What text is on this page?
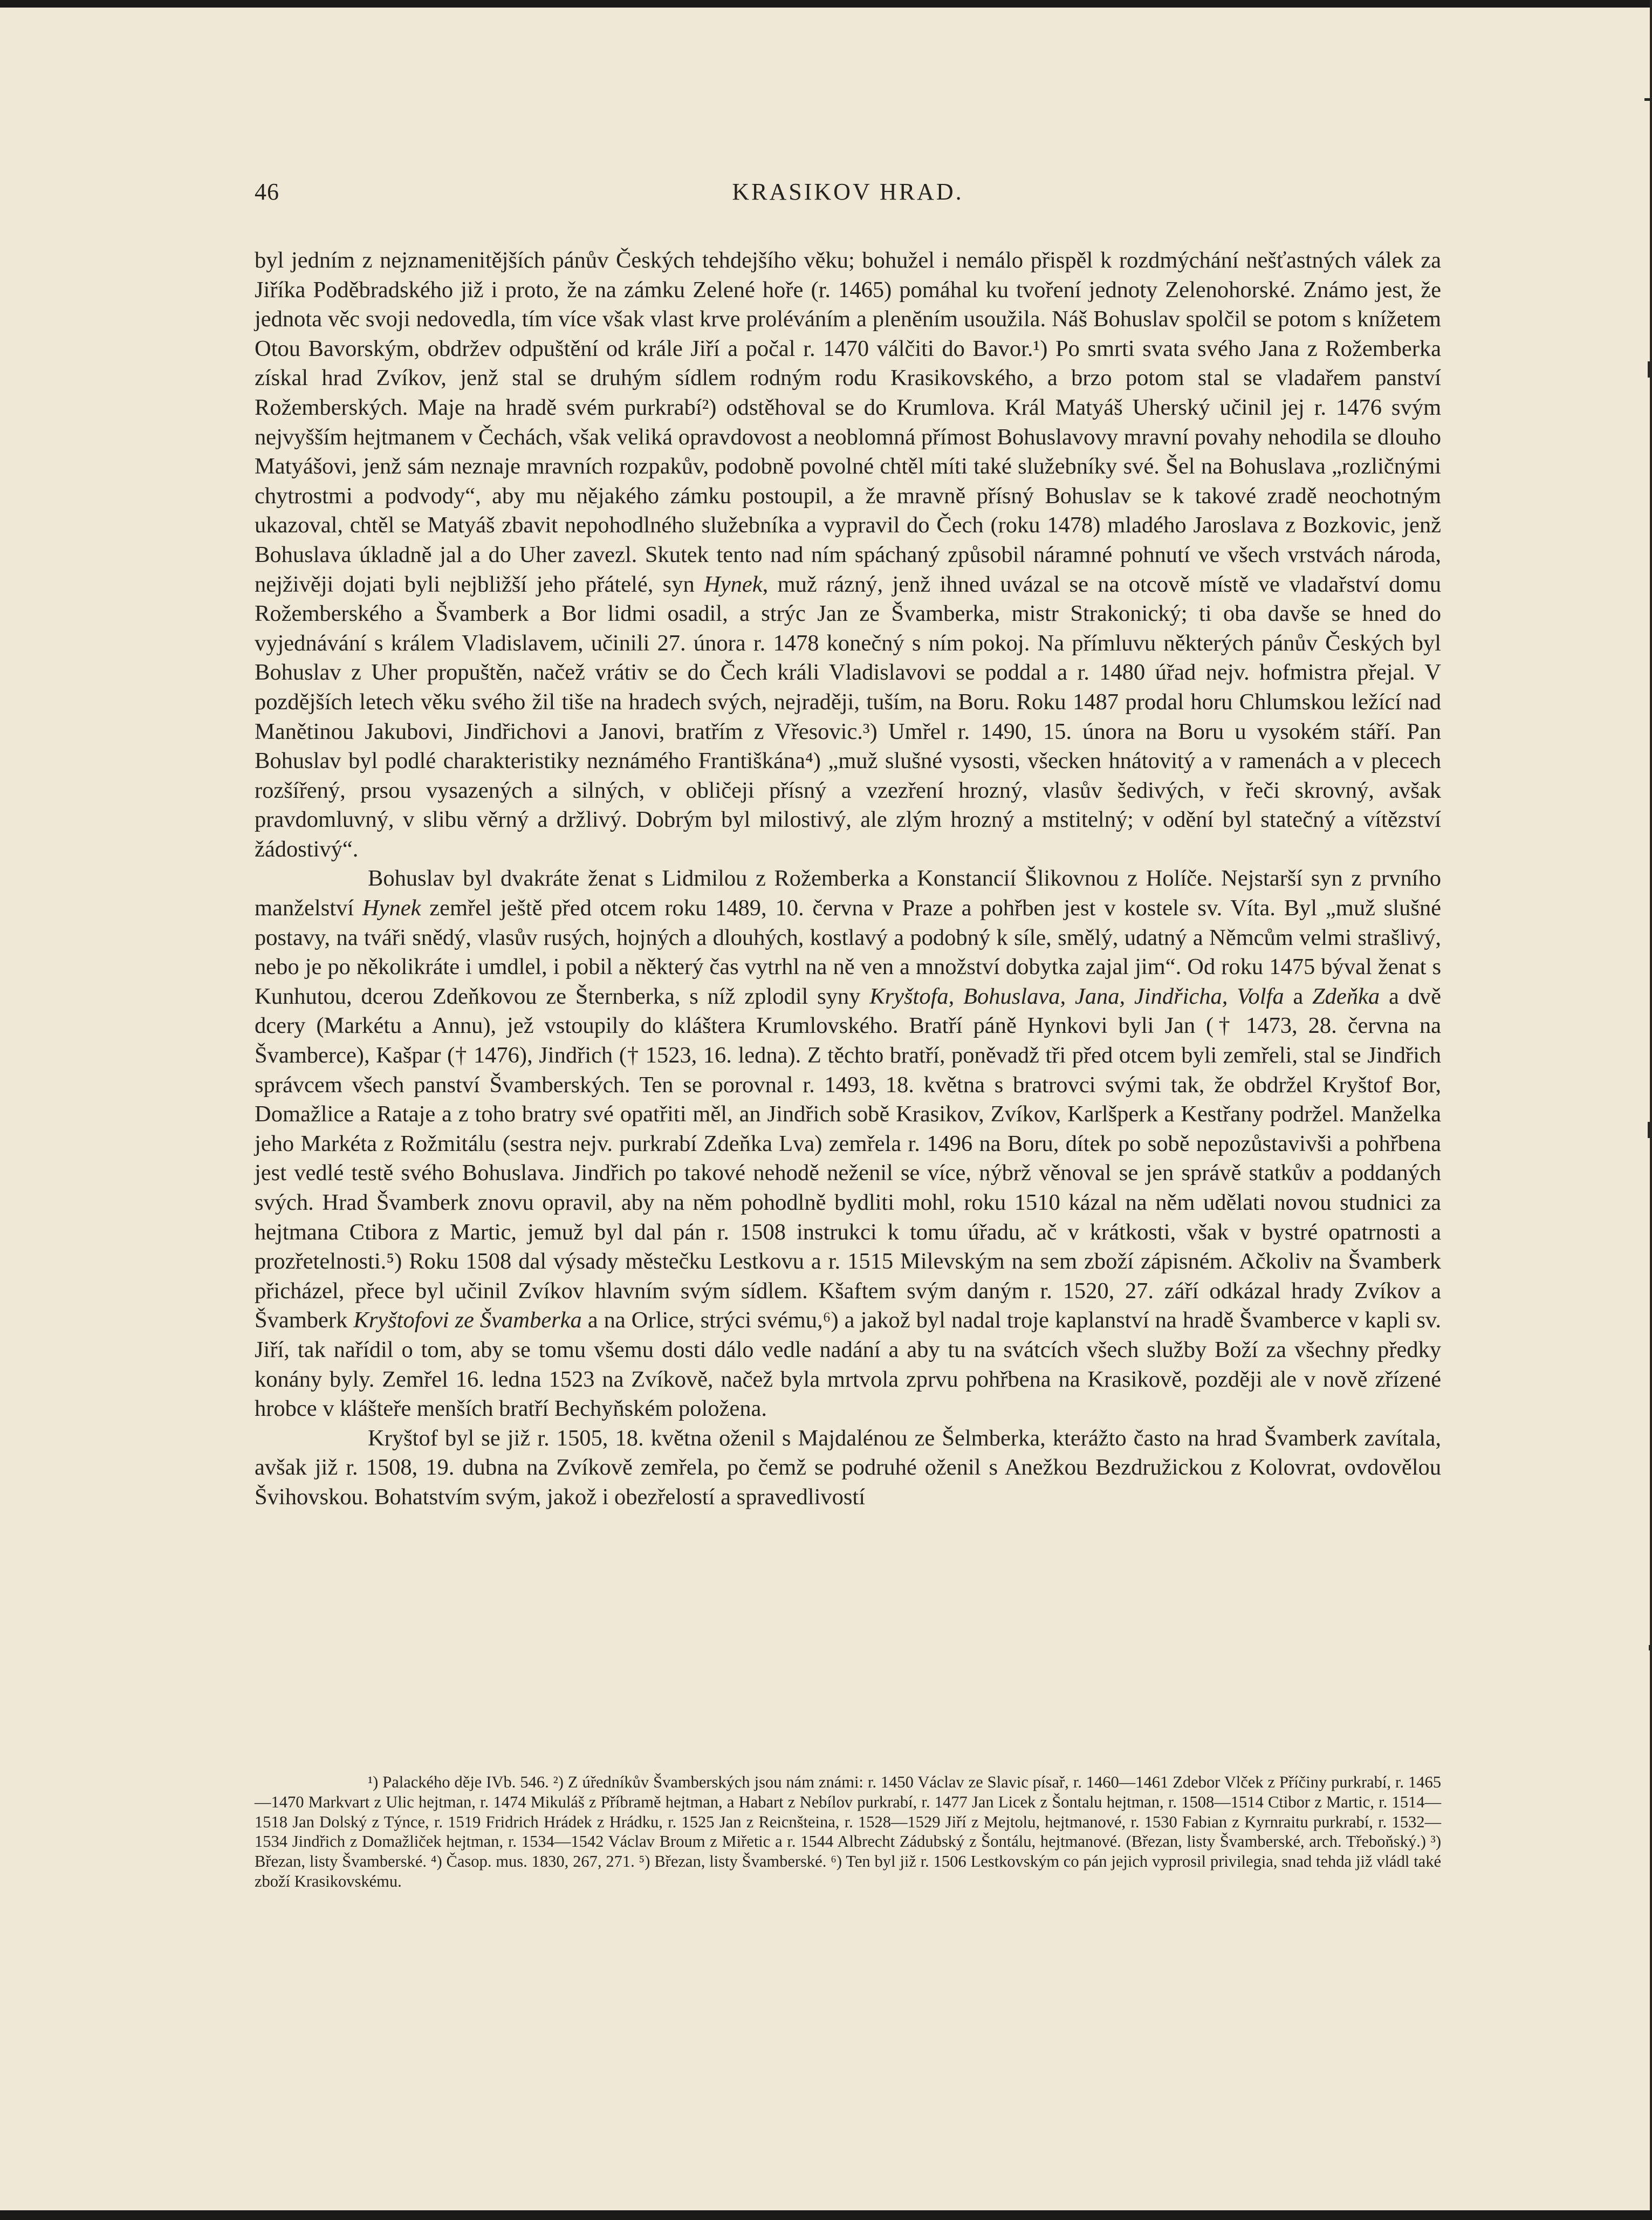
46	KRASIKOV HRAD.

byl jedním z nejznamenitějších pánův Českých tehdejšího věku; bohužel i nemálo přispěl k rozdmýchání nešťastných válek za Jiříka Poděbradského již i proto, že na zámku Zelené hoře (r. 1465) pomáhal ku tvoření jednoty Zelenohorské. Známo jest, že jednota věc svoji nedovedla, tím více však vlast krve proléváním a plenĕním usoužila. Náš Bohuslav spolčil se potom s knížetem Otou Bavorským, obdržev odpuštění od krále Jiří a počal r. 1470 válčiti do Bavor.¹) Po smrti svata svého Jana z Rožemberka získal hrad Zvíkov, jenž stal se druhým sídlem rodným rodu Krasikovského, a brzo potom stal se vladařem panství Rožemberských. Maje na hradě svém purkrabí²) odstěhoval se do Krumlova. Král Matyáš Uherský učinil jej r. 1476 svým nejvyšším hejtmanem v Čechách, však veliká opravdovost a neoblomná přímost Bohuslavovy mravní povahy nehodila se dlouho Matyášovi, jenž sám neznaje mravních rozpakův, podobně povolné chtěl míti také služebníky své. Šel na Bohuslava „rozličnými chytrostmi a podvody“, aby mu nějakého zámku postoupil, a že mravně přísný Bohuslav se k takové zradě neochotným ukazoval, chtěl se Matyáš zbavit nepohodlného služebníka a vypravil do Čech (roku 1478) mladého Jaroslava z Bozkovic, jenž Bohuslava úkladně jal a do Uher zavezl. Skutek tento nad ním spáchaný způsobil náramné pohnutí ve všech vrstvách národa, nejživěji dojati byli nejbližší jeho přátelé, syn Hynek, muž rázný, jenž ihned uvázal se na otcově místě ve vladařství domu Rožemberského a Švamberk a Bor lidmi osadil, a strýc Jan ze Švamberka, mistr Strakonický; ti oba davše se hned do vyjednávání s králem Vladislavem, učinili 27. února r. 1478 konečný s ním pokoj. Na přímluvu některých pánův Českých byl Bohuslav z Uher propuštěn, načež vrátiv se do Čech králi Vladislavovi se poddal a r. 1480 úřad nejv. hofmistra přejal. V pozdějších letech věku svého žil tiše na hradech svých, nejraději, tuším, na Boru. Roku 1487 prodal horu Chlumskou ležící nad Manětinou Jakubovi, Jindřichovi a Janovi, bratřím z Vřesovic.³) Umřel r. 1490, 15. února na Boru u vysokém stáří. Pan Bohuslav byl podlé charakteristiky neznámého Františkána⁴) „muž slušné vysosti, všecken hnátovitý a v ramenách a v plecech rozšířený, prsou vysazených a silných, v obličeji přísný a vzezření hrozný, vlasův šedivých, v řeči skrovný, avšak pravdomluvný, v slibu věrný a držlivý. Dobrým byl milostivý, ale zlým hrozný a mstitelný; v odění byl statečný a vítězství žádostivý“.

Bohuslav byl dvakráte ženat s Lidmilou z Rožemberka a Konstancií Šlikovnou z Holíče. Nejstarší syn z prvního manželství Hynek zemřel ještě před otcem roku 1489, 10. června v Praze a pohřben jest v kostele sv. Víta. Byl „muž slušné postavy, na tváři snědý, vlasův rusých, hojných a dlouhých, kostlavý a podobný k síle, smělý, udatný a Němcům velmi strašlivý, nebo je po několikráte i umdlel, i pobil a některý čas vytrhl na ně ven a množství dobytka zajal jim“. Od roku 1475 býval ženat s Kunhutou, dcerou Zdeňkovou ze Šternberka, s níž zplodil syny Kryštofa, Bohuslava, Jana, Jindřicha, Volfa a Zdeňka a dvě dcery (Markétu a Annu), jež vstoupily do kláštera Krumlovského. Bratří páně Hynkovi byli Jan († 1473, 28. června na Švamberce), Kašpar († 1476), Jindřich († 1523, 16. ledna). Z těchto bratří, poněvadž tři před otcem byli zemřeli, stal se Jindřich správcem všech panství Švamberských. Ten se porovnal r. 1493, 18. května s bratrovci svými tak, že obdržel Kryštof Bor, Domažlice a Rataje a z toho bratry své opatřiti měl, an Jindřich sobě Krasikov, Zvíkov, Karlšperk a Kestřany podržel. Manželka jeho Markéta z Rožmitálu (sestra nejv. purkrabí Zdeňka Lva) zemřela r. 1496 na Boru, dítek po sobě nepozůstavivši a pohřbena jest vedlé testě svého Bohuslava. Jindřich po takové nehodě neženil se více, nýbrž věnoval se jen správě statkův a poddaných svých. Hrad Švamberk znovu opravil, aby na něm pohodlně bydliti mohl, roku 1510 kázal na něm udělati novou studnici za hejtmana Ctibora z Martic, jemuž byl dal pán r. 1508 instrukci k tomu úřadu, ač v krátkosti, však v bystré opatrnosti a prozřetelnosti.⁵) Roku 1508 dal výsady městečku Lestkovu a r. 1515 Milevským na sem zboží zápisném. Ačkoliv na Švamberk přicházel, přece byl učinil Zvíkov hlavním svým sídlem. Kšaftem svým daným r. 1520, 27. září odkázal hrady Zvíkov a Švamberk Kryštofovi ze Švamberka a na Orlice, strýci svému,⁶) a jakož byl nadal troje kaplanství na hradě Švamberce v kapli sv. Jiří, tak nařídil o tom, aby se tomu všemu dosti dálo vedle nadání a aby tu na svátcích všech služby Boží za všechny předky konány byly. Zemřel 16. ledna 1523 na Zvíkově, načež byla mrtvola zprvu pohřbena na Krasikově, později ale v nově zřízené hrobce v klášteře menších bratří Bechyňském položena.

Kryštof byl se již r. 1505, 18. května oženil s Majdalénou ze Šelmberka, kterážto často na hrad Švamberk zavítala, avšak již r. 1508, 19. dubna na Zvíkově zemřela, po čemž se podruhé oženil s Anežkou Bezdružickou z Kolovrat, ovdovělou Švihovskou. Bohatstvím svým, jakož i obezřelostí a spravedlivostí

¹) Palackého děje IVb. 546. ²) Z úředníkův Švamberských jsou nám známi: r. 1450 Václav ze Slavic písař, r. 1460—1461 Zdebor Vlček z Příčiny purkrabí, r. 1465—1470 Markvart z Ulic hejtman, r. 1474 Mikuláš z Příbramě hejtman, a Habart z Nebílov purkrabí, r. 1477 Jan Licek z Šontalu hejtman, r. 1508—1514 Ctibor z Martic, r. 1514—1518 Jan Dolský z Týnce, r. 1519 Fridrich Hrádek z Hrádku, r. 1525 Jan z Reicnšteina, r. 1528—1529 Jiří z Mejtolu, hejtmanové, r. 1530 Fabian z Kyrnraitu purkrabí, r. 1532—1534 Jindřich z Domažliček hejtman, r. 1534—1542 Václav Broum z Miřetic a r. 1544 Albrecht Zádubský z Šontálu, hejtmanové. (Březan, listy Švamberské, arch. Třeboňský.) ³) Březan, listy Švamberské. ⁴) Časop. mus. 1830, 267, 271. ⁵) Březan, listy Švamberské. ⁶) Ten byl již r. 1506 Lestkovským co pán jejich vyprosil privilegia, snad tehda již vládl také zboží Krasikovskému.
